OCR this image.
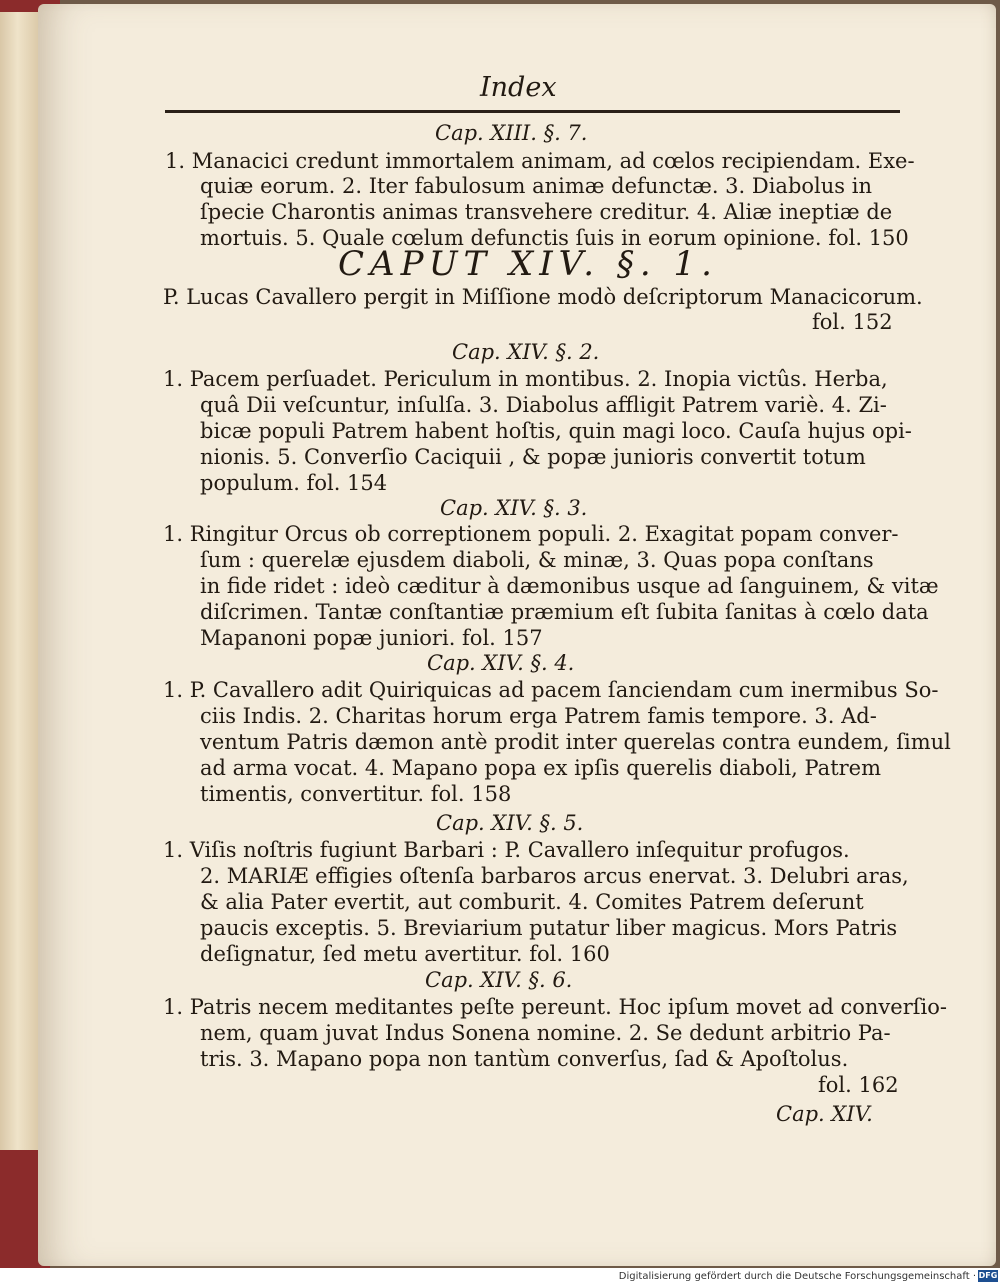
Index
Cap. XIII. §. 7.
1. Manacici credunt immortalem animam, ad cœlos recipiendam. Exe-
quiæ eorum. 2. Iter fabulosum animæ defunctæ. 3. Diabolus in
ſpecie Charontis animas transvehere creditur. 4. Aliæ ineptiæ de
mortuis. 5. Quale cœlum defunctis ſuis in eorum opinione. fol. 150
CAPUT XIV. §. 1.
P. Lucas Cavallero pergit in Miſſione modò deſcriptorum Manacicorum.
fol. 152
Cap. XIV. §. 2.
1. Pacem perſuadet. Periculum in montibus. 2. Inopia victûs. Herba,
quâ Dii veſcuntur, inſulſa. 3. Diabolus affligit Patrem variè. 4. Zi-
bicæ populi Patrem habent hoſtis, quin magi loco. Cauſa hujus opi-
nionis. 5. Converſio Caciquii , & popæ junioris convertit totum
populum. fol. 154
Cap. XIV. §. 3.
1. Ringitur Orcus ob correptionem populi. 2. Exagitat popam conver-
ſum : querelæ ejusdem diaboli, & minæ, 3. Quas popa conſtans
in fide ridet : ideò cæditur à dæmonibus usque ad ſanguinem, & vitæ
diſcrimen. Tantæ conſtantiæ præmium eſt ſubita ſanitas à cœlo data
Mapanoni popæ juniori. fol. 157
Cap. XIV. §. 4.
1. P. Cavallero adit Quiriquicas ad pacem ſanciendam cum inermibus So-
ciis Indis. 2. Charitas horum erga Patrem famis tempore. 3. Ad-
ventum Patris dæmon antè prodit inter querelas contra eundem, ſimul
ad arma vocat. 4. Mapano popa ex ipſis querelis diaboli, Patrem
timentis, convertitur. fol. 158
Cap. XIV. §. 5.
1. Viſis noſtris fugiunt Barbari : P. Cavallero inſequitur profugos.
2. MARIÆ effigies oſtenſa barbaros arcus enervat. 3. Delubri aras,
& alia Pater evertit, aut comburit. 4. Comites Patrem deſerunt
paucis exceptis. 5. Breviarium putatur liber magicus. Mors Patris
deſignatur, ſed metu avertitur. fol. 160
Cap. XIV. §. 6.
1. Patris necem meditantes peſte pereunt. Hoc ipſum movet ad converſio-
nem, quam juvat Indus Sonena nomine. 2. Se dedunt arbitrio Pa-
tris. 3. Mapano popa non tantùm converſus, ſad & Apoſtolus.
fol. 162
Cap. XIV.
Digitalisierung gefördert durch die Deutsche Forschungsgemeinschaft · DFG
